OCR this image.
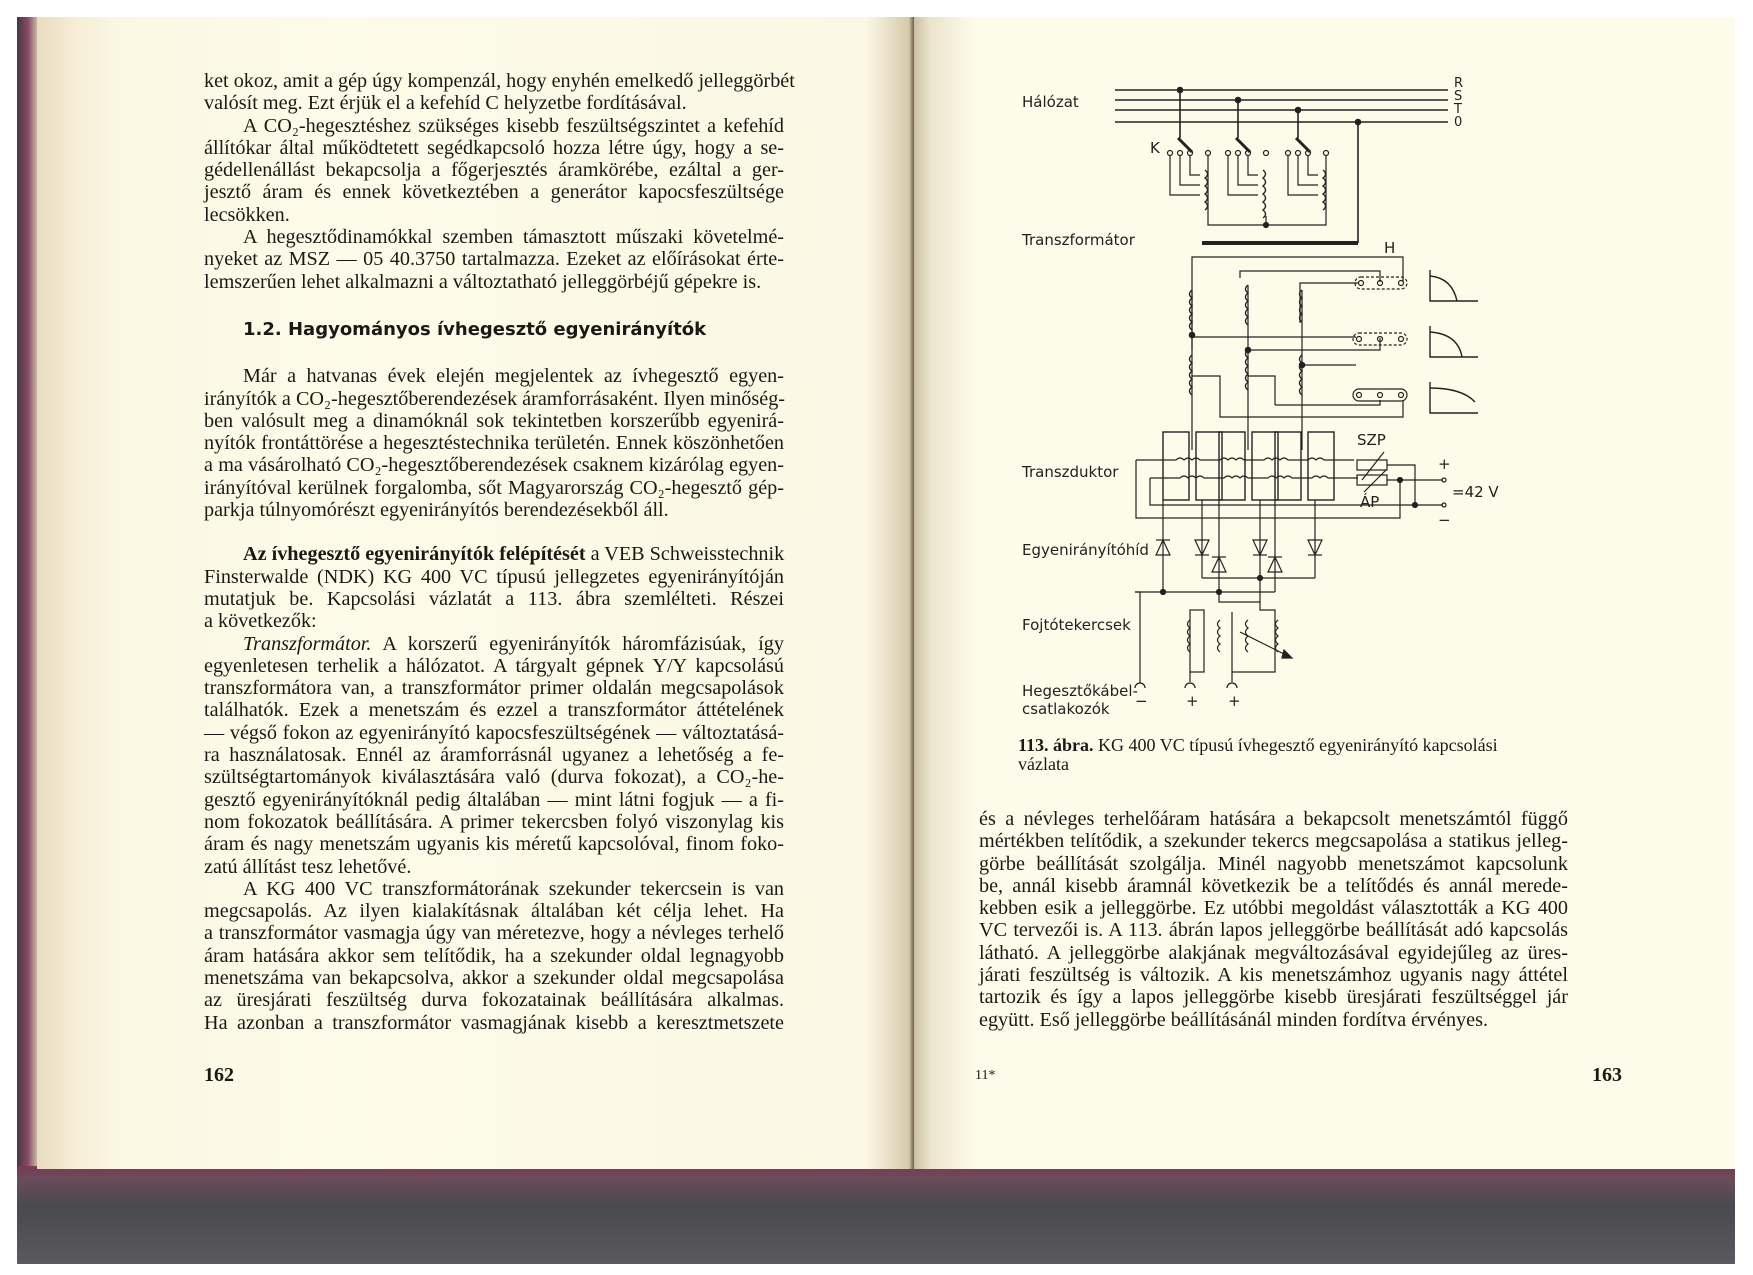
ket okoz, amit a gép úgy kompenzál, hogy enyhén emelkedő jelleggörbét

valósít meg. Ezt érjük el a kefehíd C helyzetbe fordításával.

A CO₂-hegesztéshez szükséges kisebb feszültségszintet a kefehíd

állítókar által működtetett segédkapcsoló hozza létre úgy, hogy a se-

gédellenállást bekapcsolja a főgerjesztés áramkörébe, ezáltal a ger-

jesztő áram és ennek következtében a generátor kapocsfeszültsége

lecsökken.

A hegesztődinamókkal szemben támasztott műszaki követelmé-

nyeket az MSZ — 05 40.3750 tartalmazza. Ezeket az előírásokat érte-

lemszerűen lehet alkalmazni a változtatható jelleggörbéjű gépekre is.

1.2. Hagyományos ívhegesztő egyenirányítók

Már a hatvanas évek elején megjelentek az ívhegesztő egyen-

irányítók a CO₂-hegesztőberendezések áramforrásaként. Ilyen minőség-

ben valósult meg a dinamóknál sok tekintetben korszerűbb egyenirá-

nyítók frontáttörése a hegesztéstechnika területén. Ennek köszönhetően

a ma vásárolható CO₂-hegesztőberendezések csaknem kizárólag egyen-

irányítóval kerülnek forgalomba, sőt Magyarország CO₂-hegesztő gép-

parkja túlnyomórészt egyenirányítós berendezésekből áll.

Az ívhegesztő egyenirányítók felépítését a VEB Schweisstechnik

Finsterwalde (NDK) KG 400 VC típusú jellegzetes egyenirányítóján

mutatjuk be. Kapcsolási vázlatát a 113. ábra szemlélteti. Részei

a következők:

Transzformátor. A korszerű egyenirányítók háromfázisúak, így

egyenletesen terhelik a hálózatot. A tárgyalt gépnek Y/Y kapcsolású

transzformátora van, a transzformátor primer oldalán megcsapolások

találhatók. Ezek a menetszám és ezzel a transzformátor áttételének

— végső fokon az egyenirányító kapocsfeszültségének — változtatásá-

ra használatosak. Ennél az áramforrásnál ugyanez a lehetőség a fe-

szültségtartományok kiválasztására való (durva fokozat), a CO₂-he-

gesztő egyenirányítóknál pedig általában — mint látni fogjuk — a fi-

nom fokozatok beállítására. A primer tekercsben folyó viszonylag kis

áram és nagy menetszám ugyanis kis méretű kapcsolóval, finom foko-

zatú állítást tesz lehetővé.

A KG 400 VC transzformátorának szekunder tekercsein is van

megcsapolás. Az ilyen kialakításnak általában két célja lehet. Ha

a transzformátor vasmagja úgy van méretezve, hogy a névleges terhelő

áram hatására akkor sem telítődik, ha a szekunder oldal legnagyobb

menetszáma van bekapcsolva, akkor a szekunder oldal megcsapolása

az üresjárati feszültség durva fokozatainak beállítására alkalmas.

Ha azonban a transzformátor vasmagjának kisebb a keresztmetszete

162
Hálózat
K
R
S
T
0
Transzformátor	H
Transzduktor
SZP
ÁP
+
=42 V
−
Egyenirányítóhíd
Fojtótekercsek
Hegesztőkábel-
csatlakozók −	+ +
113. ábra. KG 400 VC típusú ívhegesztő egyenirányító kapcsolási
vázlata

és a névleges terhelőáram hatására a bekapcsolt menetszámtól függő

mértékben telítődik, a szekunder tekercs megcsapolása a statikus jelleg-

görbe beállítását szolgálja. Minél nagyobb menetszámot kapcsolunk

be, annál kisebb áramnál következik be a telítődés és annál merede-

kebben esik a jelleggörbe. Ez utóbbi megoldást választották a KG 400

VC tervezői is. A 113. ábrán lapos jelleggörbe beállítását adó kapcsolás

látható. A jelleggörbe alakjának megváltozásával egyidejűleg az üres-

járati feszültség is változik. A kis menetszámhoz ugyanis nagy áttétel

tartozik és így a lapos jelleggörbe kisebb üresjárati feszültséggel jár

együtt. Eső jelleggörbe beállításánál minden fordítva érvényes.

11*	163
